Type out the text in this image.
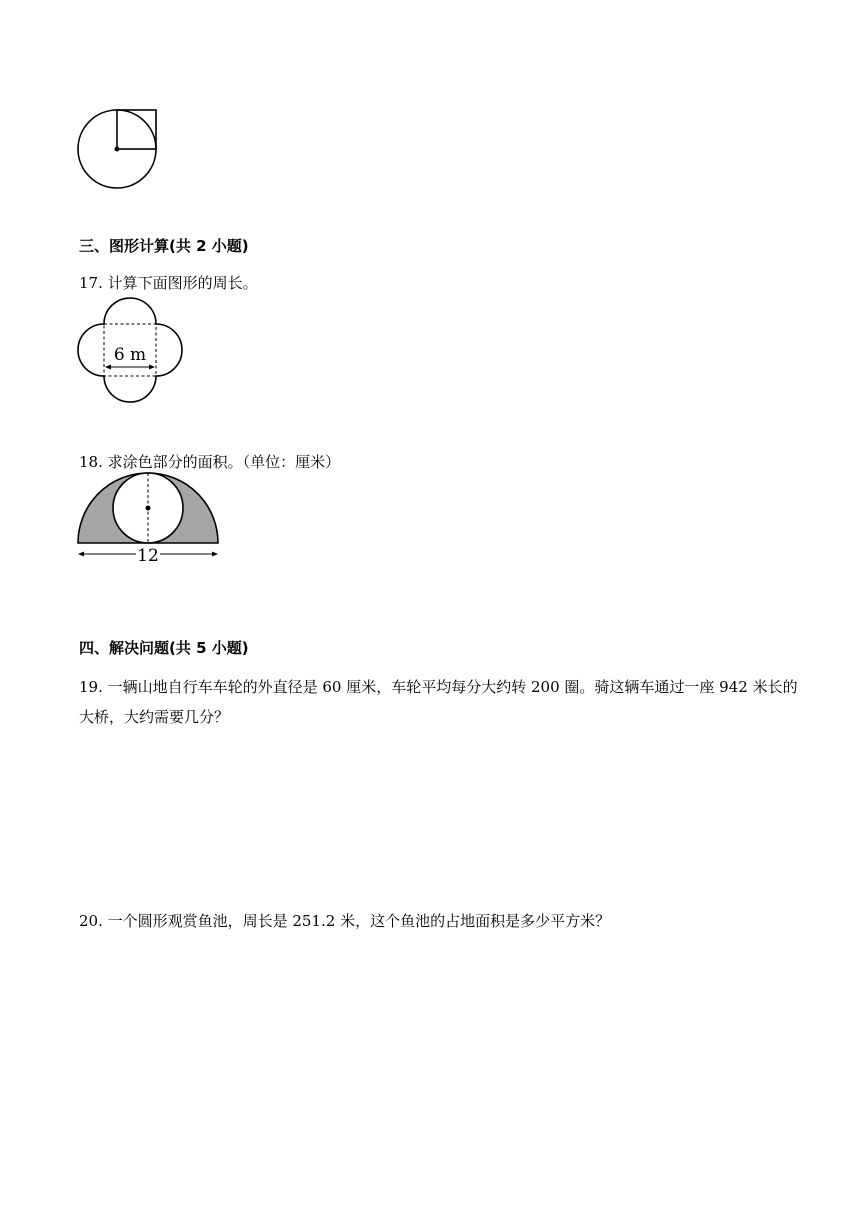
三、图形计算(共 2 小题)
17. 计算下面图形的周长。
6 m
18. 求涂色部分的面积。（单位：厘米）
12
四、解决问题(共 5 小题)
19. 一辆山地自行车车轮的外直径是 60 厘米，车轮平均每分大约转 200 圈。骑这辆车通过一座 942 米长的大桥，大约需要几分？
20. 一个圆形观赏鱼池，周长是 251.2 米，这个鱼池的占地面积是多少平方米？
